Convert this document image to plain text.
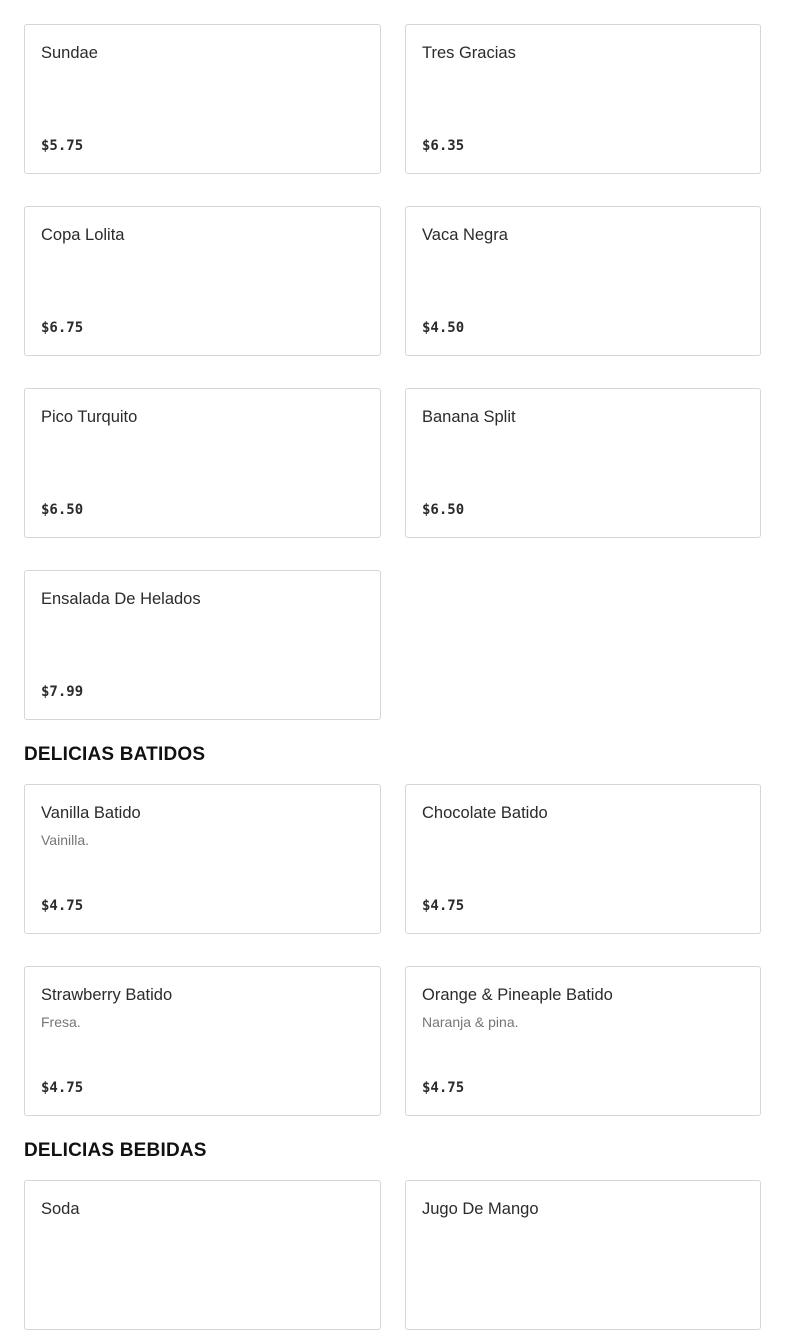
Sundae
$5.75
Tres Gracias
$6.35
Copa Lolita
$6.75
Vaca Negra
$4.50
Pico Turquito
$6.50
Banana Split
$6.50
Ensalada De Helados
$7.99
DELICIAS BATIDOS
Vanilla Batido
Vainilla.
$4.75
Chocolate Batido
$4.75
Strawberry Batido
Fresa.
$4.75
Orange & Pineaple Batido
Naranja & pina.
$4.75
DELICIAS BEBIDAS
Soda	Jugo De Mango
